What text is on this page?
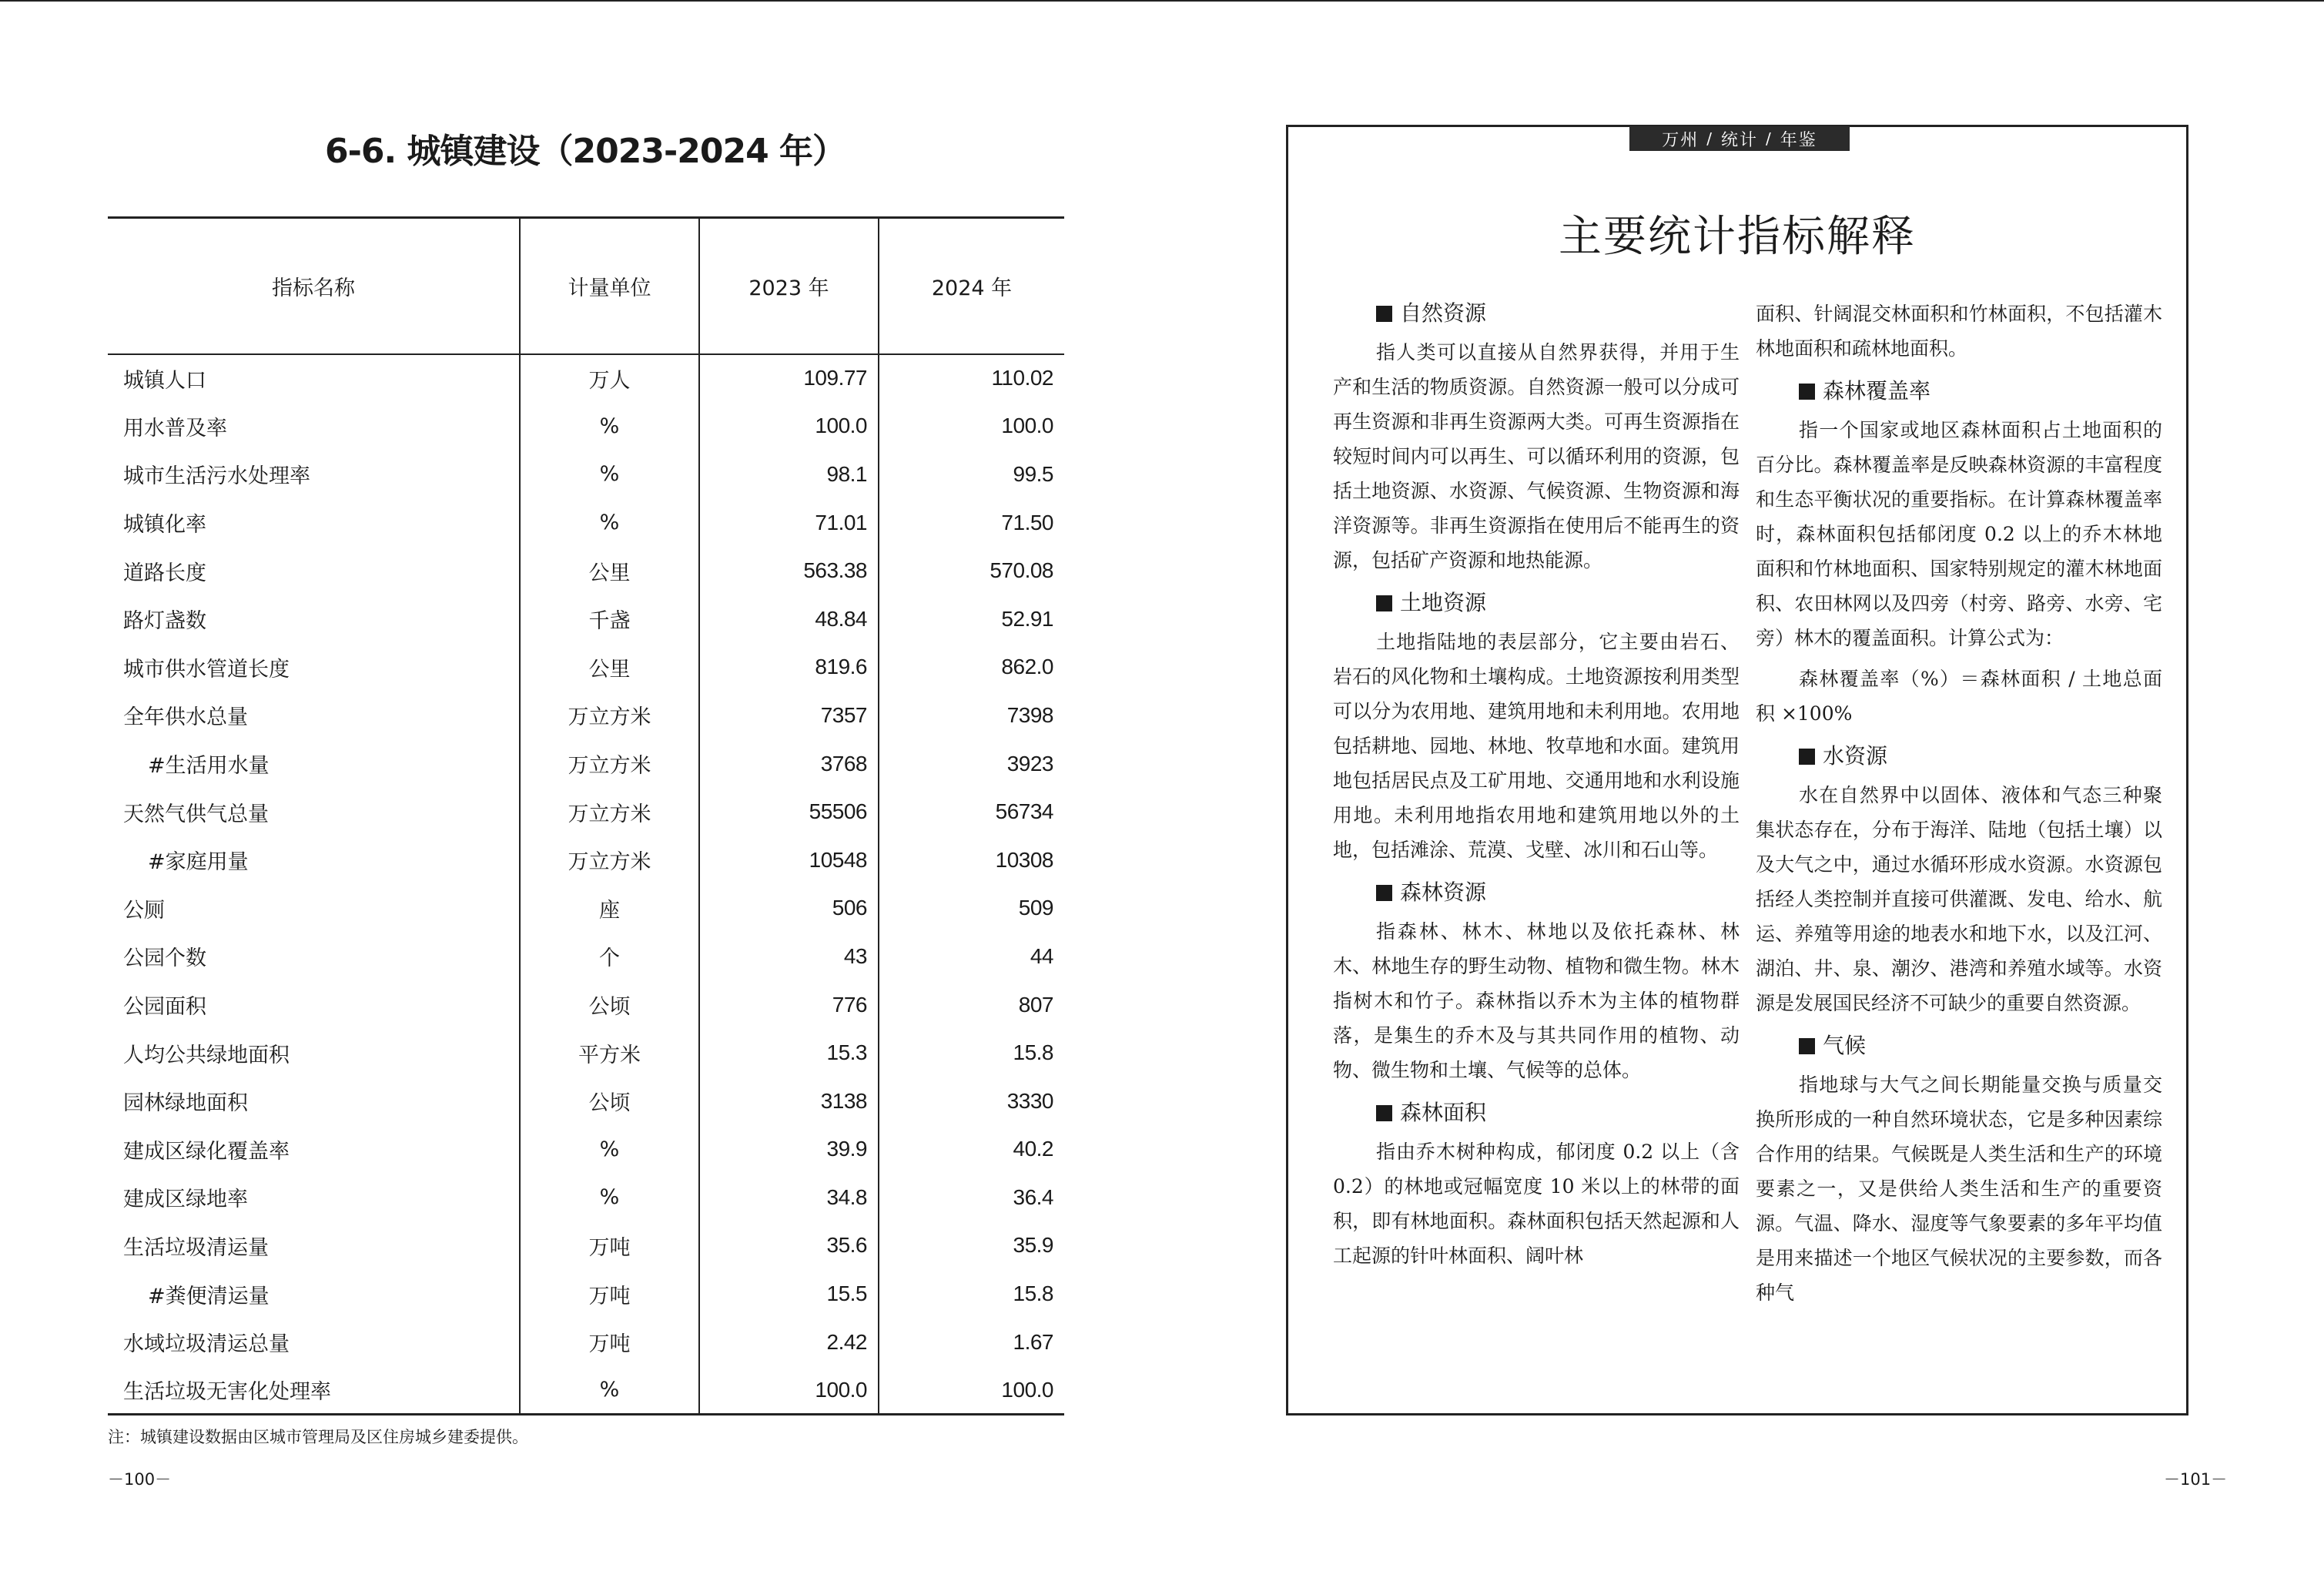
6-6. 城镇建设（2023-2024 年）
指标名称	计量单位	2023 年	2024 年
城镇人口	万人	109.77	110.02
用水普及率	%	100.0	100.0
城市生活污水处理率	%	98.1	99.5
城镇化率	%	71.01	71.50
道路长度	公里	563.38	570.08
路灯盏数	千盏	48.84	52.91
城市供水管道长度	公里	819.6	862.0
全年供水总量	万立方米	7357	7398
#生活用水量	万立方米	3768	3923
天然气供气总量	万立方米	55506	56734
#家庭用量	万立方米	10548	10308
公厕	座	506	509
公园个数	个	43	44
公园面积	公顷	776	807
人均公共绿地面积	平方米	15.3	15.8
园林绿地面积	公顷	3138	3330
建成区绿化覆盖率	%	39.9	40.2
建成区绿地率	%	34.8	36.4
生活垃圾清运量	万吨	35.6	35.9
#粪便清运量	万吨	15.5	15.8
水域垃圾清运总量	万吨	2.42	1.67
生活垃圾无害化处理率	%	100.0	100.0
注：城镇建设数据由区城市管理局及区住房城乡建委提供。
－100－
万州 / 统计 / 年鉴
主要统计指标解释
自然资源

指人类可以直接从自然界获得，并用于生产和生活的物质资源。自然资源一般可以分成可再生资源和非再生资源两大类。可再生资源指在较短时间内可以再生、可以循环利用的资源，包括土地资源、水资源、气候资源、生物资源和海洋资源等。非再生资源指在使用后不能再生的资源，包括矿产资源和地热能源。

土地资源

土地指陆地的表层部分，它主要由岩石、岩石的风化物和土壤构成。土地资源按利用类型可以分为农用地、建筑用地和未利用地。农用地包括耕地、园地、林地、牧草地和水面。建筑用地包括居民点及工矿用地、交通用地和水利设施用地。未利用地指农用地和建筑用地以外的土地，包括滩涂、荒漠、戈壁、冰川和石山等。

森林资源

指森林、林木、林地以及依托森林、林木、林地生存的野生动物、植物和微生物。林木指树木和竹子。森林指以乔木为主体的植物群落，是集生的乔木及与其共同作用的植物、动物、微生物和土壤、气候等的总体。

森林面积

指由乔木树种构成，郁闭度 0.2 以上（含 0.2）的林地或冠幅宽度 10 米以上的林带的面积，即有林地面积。森林面积包括天然起源和人工起源的针叶林面积、阔叶林

面积、针阔混交林面积和竹林面积，不包括灌木林地面积和疏林地面积。

森林覆盖率

指一个国家或地区森林面积占土地面积的百分比。森林覆盖率是反映森林资源的丰富程度和生态平衡状况的重要指标。在计算森林覆盖率时，森林面积包括郁闭度 0.2 以上的乔木林地面积和竹林地面积、国家特别规定的灌木林地面积、农田林网以及四旁（村旁、路旁、水旁、宅旁）林木的覆盖面积。计算公式为：

森林覆盖率（%）＝森林面积 / 土地总面积 ×100%

水资源

水在自然界中以固体、液体和气态三种聚集状态存在，分布于海洋、陆地（包括土壤）以及大气之中，通过水循环形成水资源。水资源包括经人类控制并直接可供灌溉、发电、给水、航运、养殖等用途的地表水和地下水，以及江河、湖泊、井、泉、潮汐、港湾和养殖水域等。水资源是发展国民经济不可缺少的重要自然资源。

气候

指地球与大气之间长期能量交换与质量交换所形成的一种自然环境状态，它是多种因素综合作用的结果。气候既是人类生活和生产的环境要素之一，又是供给人类生活和生产的重要资源。气温、降水、湿度等气象要素的多年平均值是用来描述一个地区气候状况的主要参数，而各种气

－101－
